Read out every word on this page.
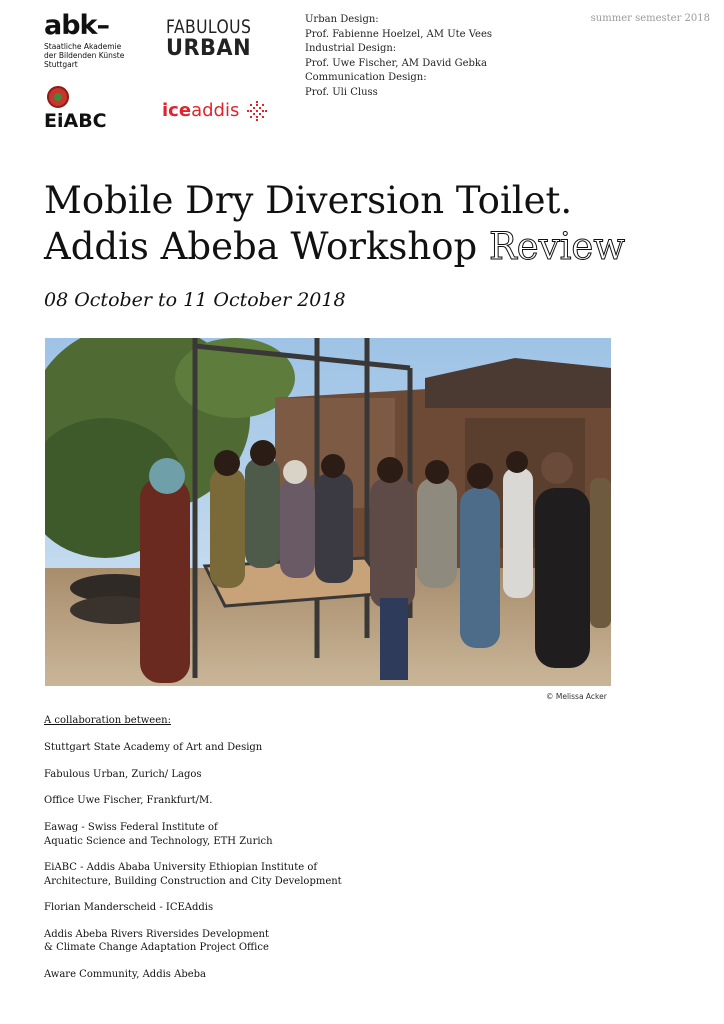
abk–
Staatliche Akademie
der Bildenden Künste
Stuttgart
FABULOUS
URBAN
EiABC	iceaddis
Urban Design:
Prof. Fabienne Hoelzel, AM Ute Vees
Industrial Design:
Prof. Uwe Fischer, AM David Gebka
Communication Design:
Prof. Uli Cluss
summer semester 2018
Mobile Dry Diversion Toilet.
Addis Abeba Workshop Review
08 October to 11 October 2018
© Melissa Acker
A collaboration between:
Stuttgart State Academy of Art and Design
Fabulous Urban, Zurich/ Lagos
Office Uwe Fischer, Frankfurt/M.
Eawag - Swiss Federal Institute of
Aquatic Science and Technology, ETH Zurich
EiABC - Addis Ababa University Ethiopian Institute of
Architecture, Building Construction and City Development
Florian Manderscheid - ICEAddis
Addis Abeba Rivers Riversides Development
& Climate Change Adaptation Project Office
Aware Community, Addis Abeba
